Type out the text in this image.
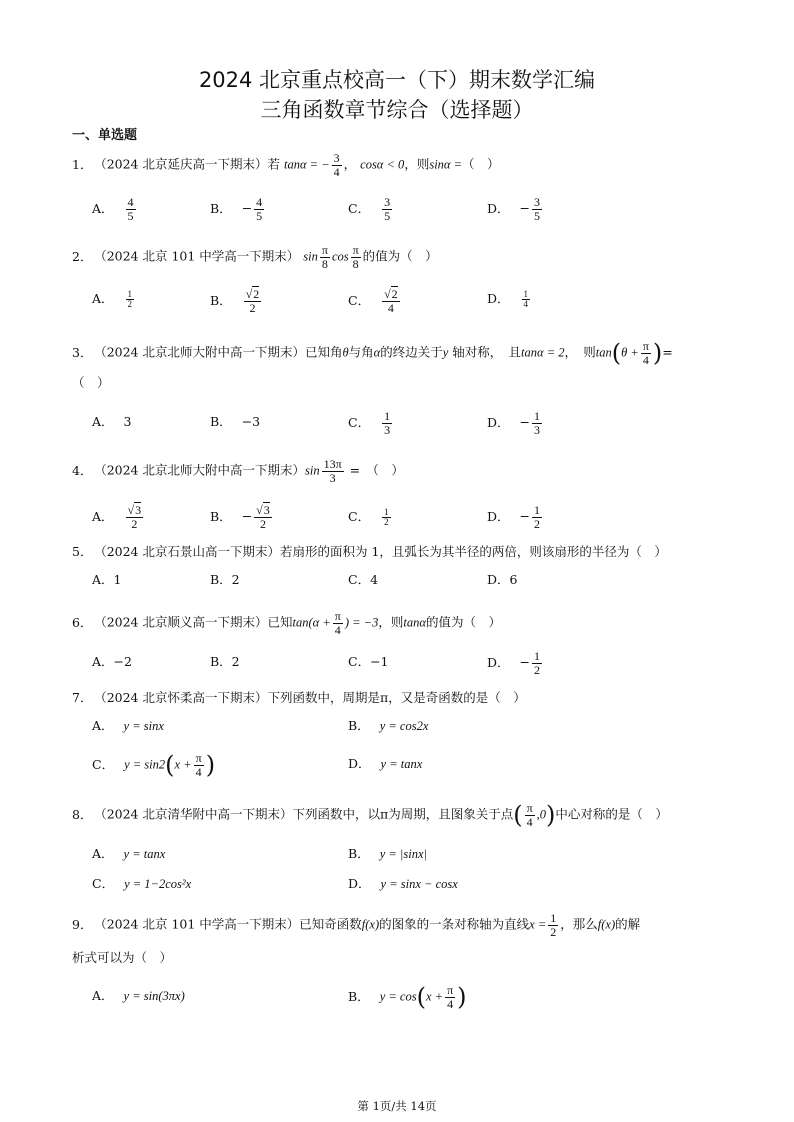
2024 北京重点校高一（下）期末数学汇编
三角函数章节综合（选择题）
一、单选题
1． （2024 北京延庆高一下期末）若 tanα = − $\frac{3}{4}$ ， cosα < 0，则sinα =（　）
A． $\frac{4}{5}$	B． − $\frac{4}{5}$	C． $\frac{3}{5}$	D． − $\frac{3}{5}$
2． （2024 北京 101 中学高一下期末） $\sin \frac{\pi}{8}$ $\cos \frac{\pi}{8}$ 的值为（　）
A． $\frac{1}{2}$	B． $\frac{√2}{2}$	C． $\frac{√2}{4}$	D． $\frac{1}{4}$
3． （2024 北京北师大附中高一下期末）已知角θ与角α的终边关于y 轴对称，　且tanα = 2，　则$\tan(\theta + \frac{\pi}{4}$ )=
（　）
A． 3	B． −3	C． $\frac{1}{3}$	D． − $\frac{1}{3}$
4． （2024 北京北师大附中高一下期末）$\sin \frac{13\pi}{3}$ =　（　）
A． $\frac{√3}{2}$	B． − $\frac{√3}{2}$	C． $\frac{1}{2}$	D． − $\frac{1}{2}$
5． （2024 北京石景山高一下期末）若扇形的面积为 1，且弧长为其半径的两倍，则该扇形的半径为（　）
A．1	B．2	C．4	D．6
6． （2024 北京顺义高一下期末）已知$\tan(\alpha + \frac{\pi}{4}$ ) = −3，则tanα的值为（　）
A．−2	B．2	C．−1	D． − $\frac{1}{2}$
7． （2024 北京怀柔高一下期末）下列函数中，周期是π，又是奇函数的是（　）
A． y = sinx	B． y = cos2x
C． $y = \sin 2(x + \frac{\pi}{4}$ )	D． y = tanx
8． （2024 北京清华附中高一下期末）下列函数中，以π为周期，且图象关于点( $\frac{\pi}{4} ,0$)中心对称的是（　）
A． y = tanx	B． y = |sinx|
C． y = 1−2cos²x	D． y = sinx − cosx
9． （2024 北京 101 中学高一下期末）已知奇函数f(x)的图象的一条对称轴为直线$x = \frac{1}{2}$ ，那么f(x)的解
析式可以为（　）
A． y = sin(3πx)	B． $y = \cos(x + \frac{\pi}{4}$ )
第 1页/共 14页
